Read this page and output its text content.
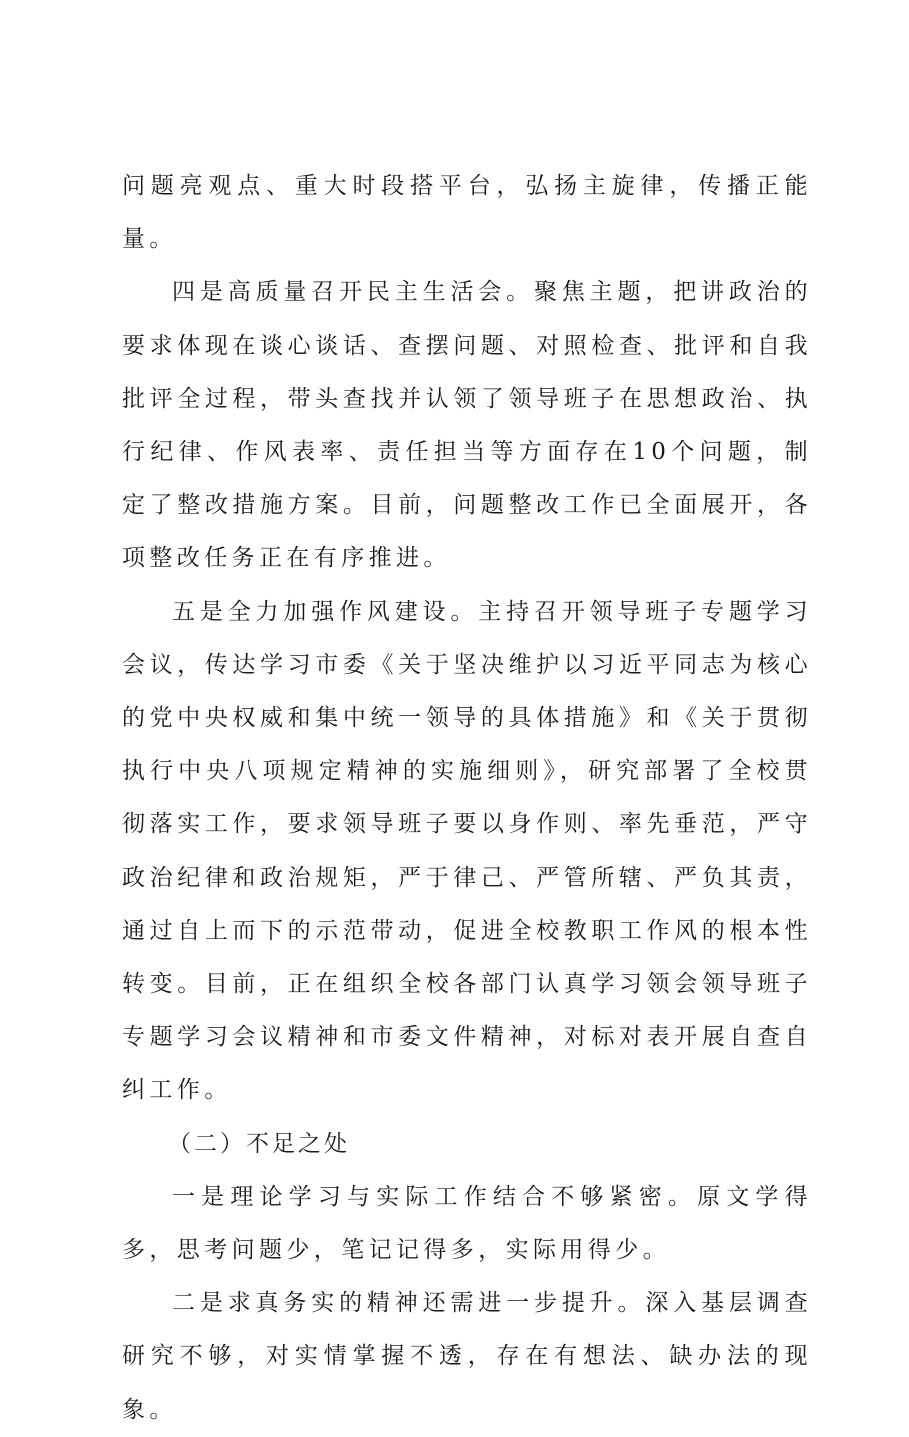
问题亮观点、重大时段搭平台，弘扬主旋律，传播正能量。

四是高质量召开民主生活会。聚焦主题，把讲政治的要求体现在谈心谈话、查摆问题、对照检查、批评和自我批评全过程，带头查找并认领了领导班子在思想政治、执行纪律、作风表率、责任担当等方面存在10个问题，制定了整改措施方案。目前，问题整改工作已全面展开，各项整改任务正在有序推进。

五是全力加强作风建设。主持召开领导班子专题学习会议，传达学习市委《关于坚决维护以习近平同志为核心的党中央权威和集中统一领导的具体措施》和《关于贯彻执行中央八项规定精神的实施细则》，研究部署了全校贯彻落实工作，要求领导班子要以身作则、率先垂范，严守政治纪律和政治规矩，严于律己、严管所辖、严负其责，通过自上而下的示范带动，促进全校教职工作风的根本性转变。目前，正在组织全校各部门认真学习领会领导班子专题学习会议精神和市委文件精神，对标对表开展自查自纠工作。

（二）不足之处

一是理论学习与实际工作结合不够紧密。原文学得多，思考问题少，笔记记得多，实际用得少。

二是求真务实的精神还需进一步提升。深入基层调查研究不够，对实情掌握不透，存在有想法、缺办法的现象。
